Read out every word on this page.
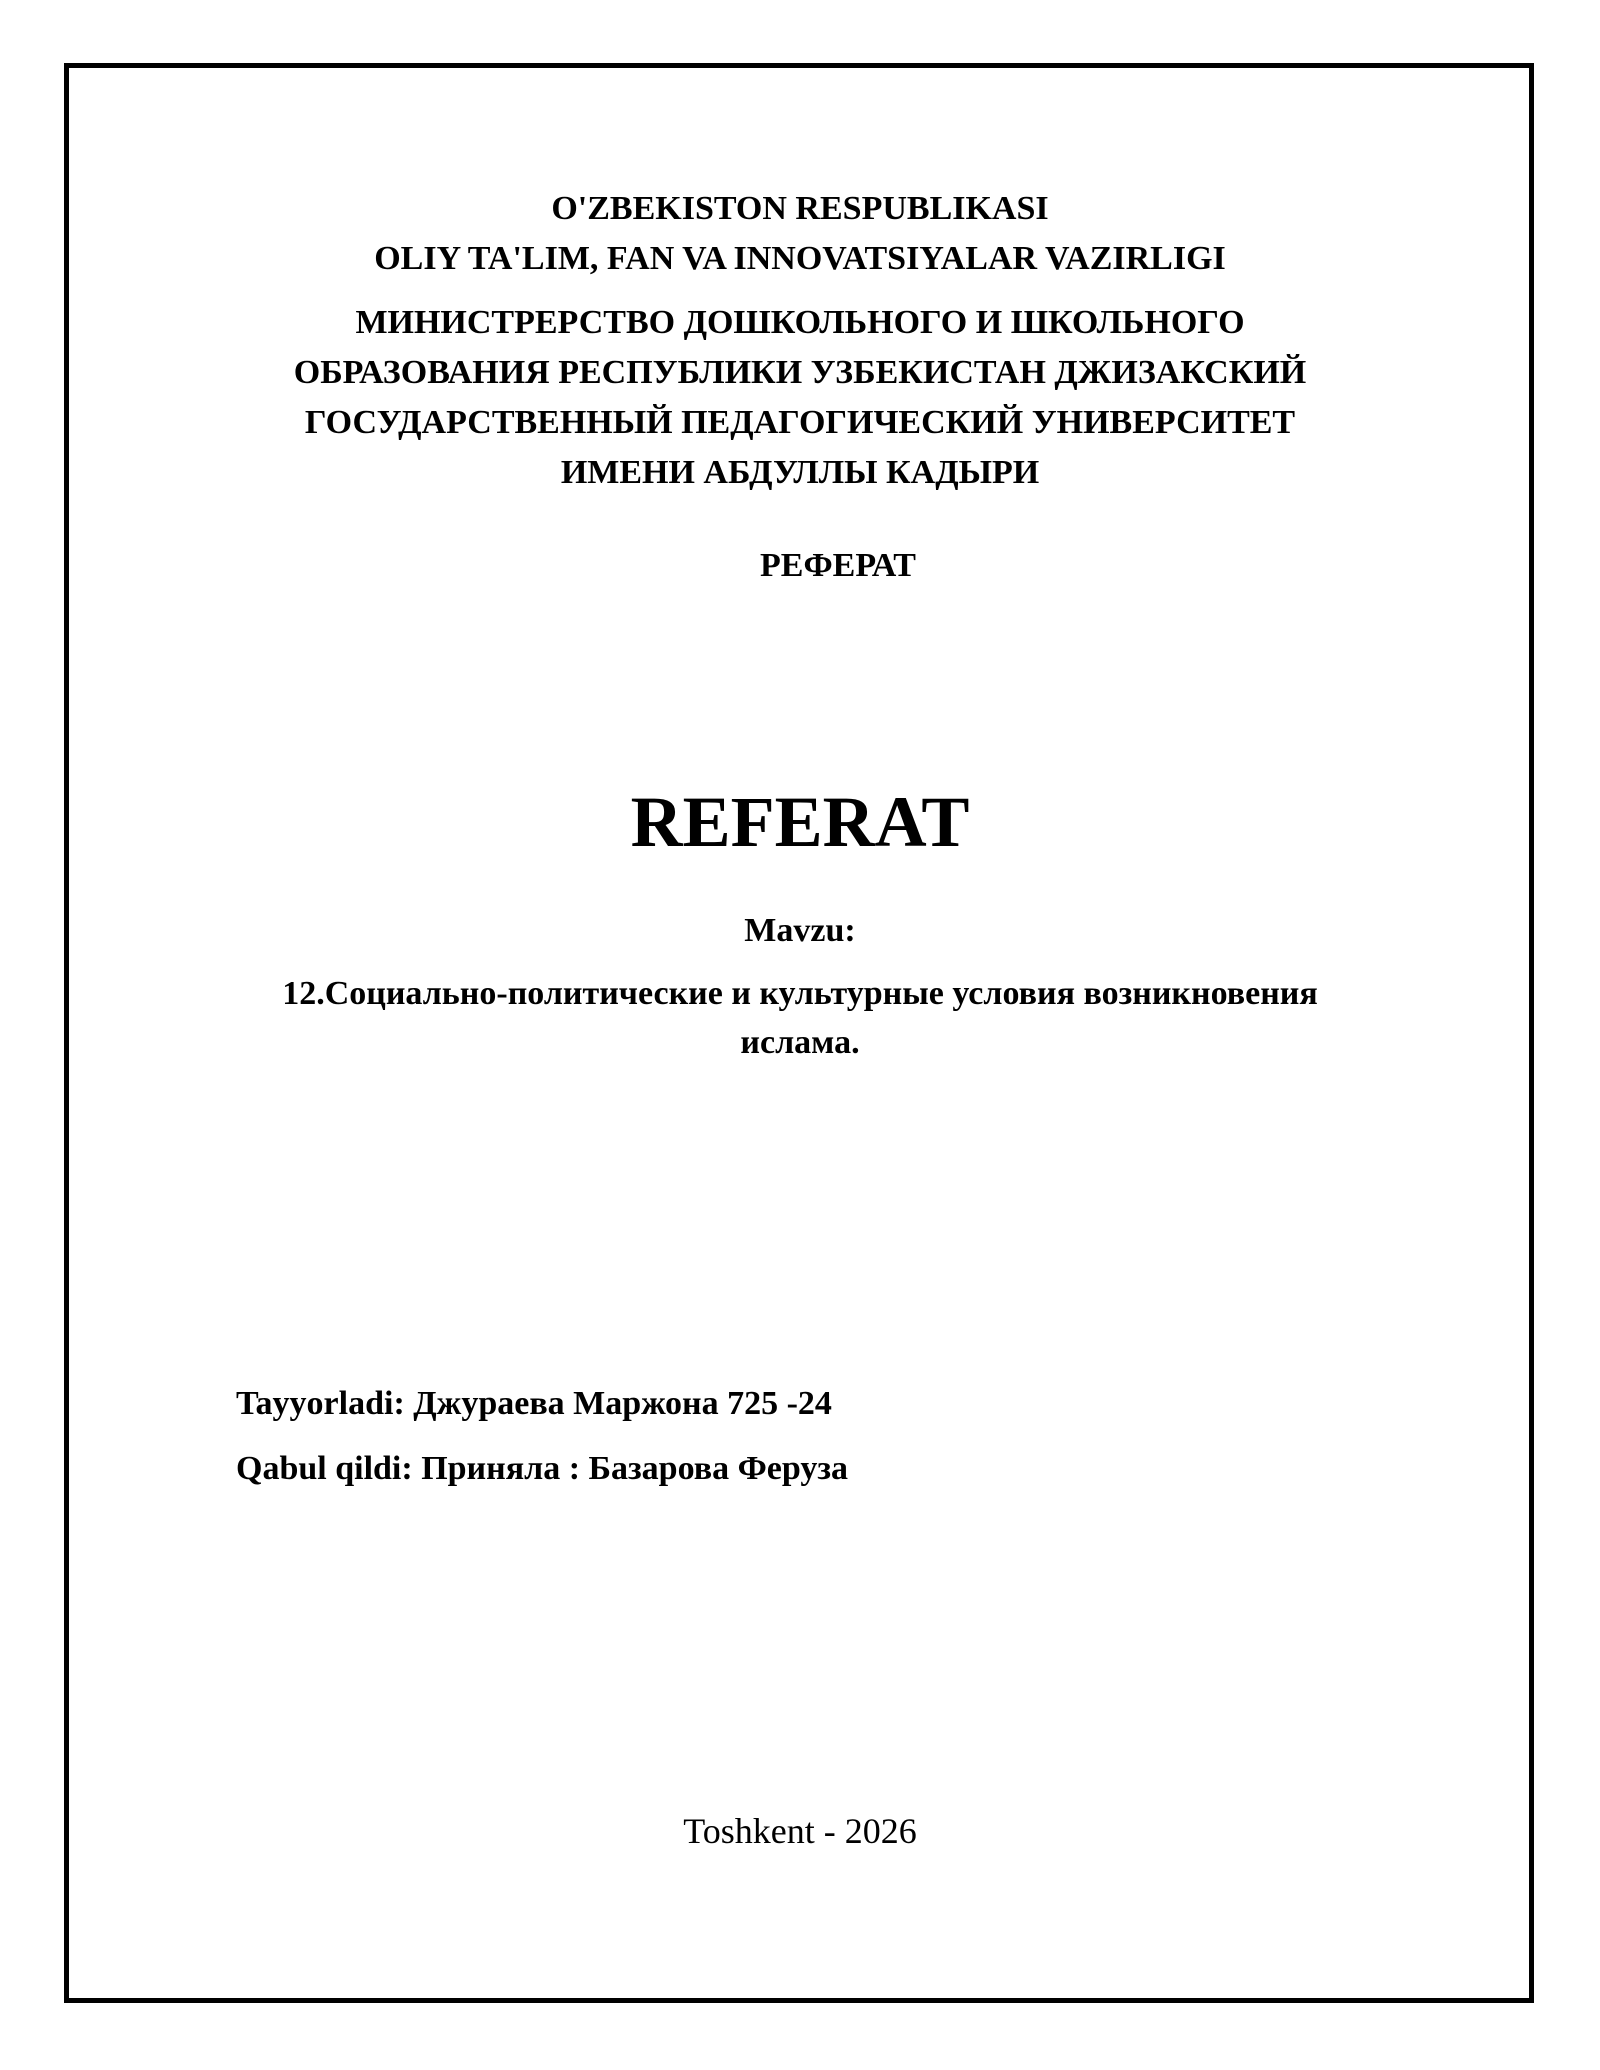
O'ZBEKISTON RESPUBLIKASI
OLIY TA'LIM, FAN VA INNOVATSIYALAR VAZIRLIGI
МИНИСТРЕРСТВО ДОШКОЛЬНОГО И ШКОЛЬНОГО
ОБРАЗОВАНИЯ РЕСПУБЛИКИ УЗБЕКИСТАН ДЖИЗАКСКИЙ
ГОСУДАРСТВЕННЫЙ ПЕДАГОГИЧЕСКИЙ УНИВЕРСИТЕТ
ИМЕНИ АБДУЛЛЫ КАДЫРИ
РЕФЕРАТ
REFERAT
Mavzu:
12.Социально-политические и культурные условия возникновения
ислама.
Tayyorladi: Джураева Маржона 725 -24
Qabul qildi: Приняла : Базарова Феруза
Toshkent - 2026
